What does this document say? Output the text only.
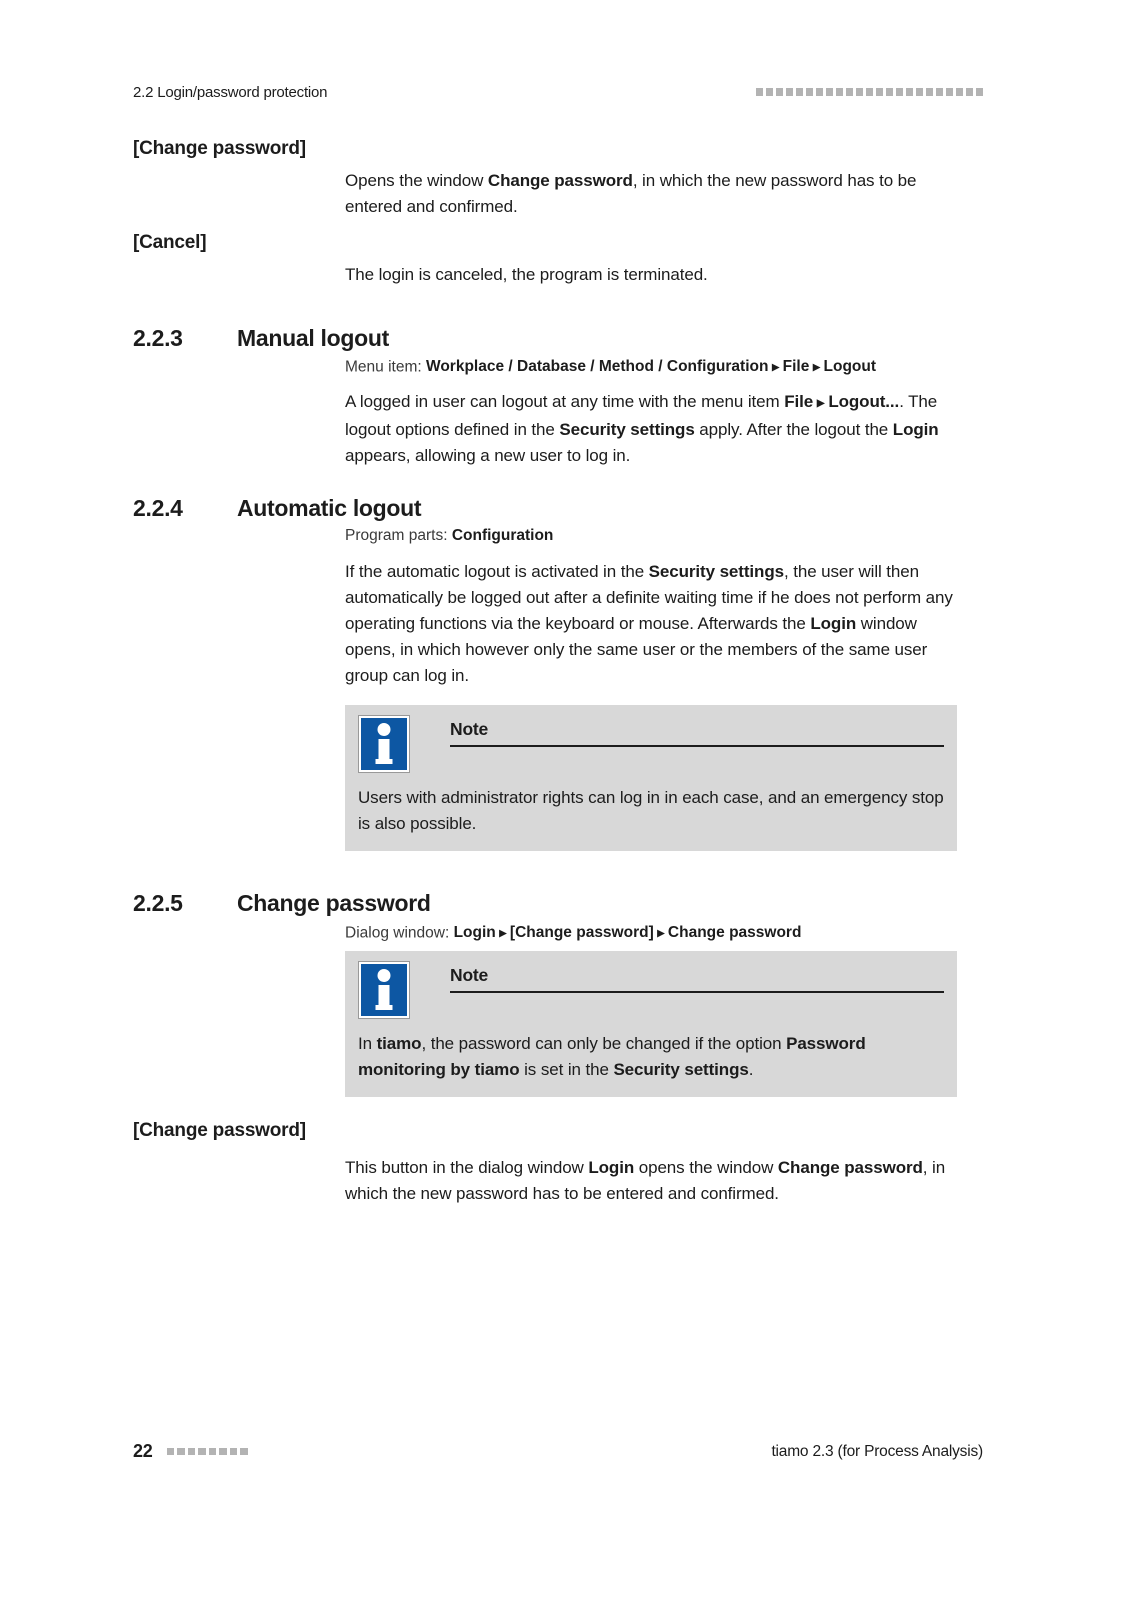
2.2 Login/password protection
[Change password]

Opens the window Change password, in which the new password has to be entered and confirmed.

[Cancel]

The login is canceled, the program is terminated.

2.2.3	Manual logout

Menu item: Workplace / Database / Method / Configuration ▶ File ▶ Logout

A logged in user can logout at any time with the menu item File ▶ Logout.... The logout options defined in the Security settings apply. After the logout the Login appears, allowing a new user to log in.

2.2.4	Automatic logout

Program parts: Configuration

If the automatic logout is activated in the Security settings, the user will then automatically be logged out after a definite waiting time if he does not perform any operating functions via the keyboard or mouse. Afterwards the Login window opens, in which however only the same user or the members of the same user group can log in.

Note

Users with administrator rights can log in in each case, and an emergency stop is also possible.

2.2.5	Change password

Dialog window: Login ▶ [Change password] ▶ Change password

Note

In tiamo, the password can only be changed if the option Password monitoring by tiamo is set in the Security settings.

[Change password]

This button in the dialog window Login opens the window Change password, in which the new password has to be entered and confirmed.

22	tiamo 2.3 (for Process Analysis)
